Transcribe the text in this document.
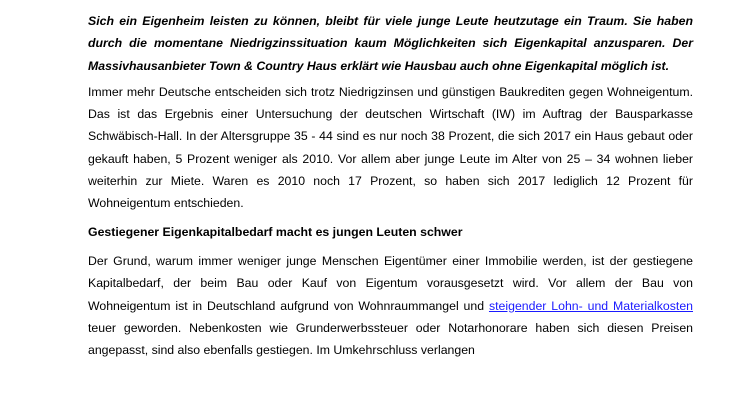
Sich ein Eigenheim leisten zu können, bleibt für viele junge Leute heutzutage ein Traum. Sie haben durch die momentane Niedrigzinssituation kaum Möglichkeiten sich Eigenkapital anzusparen. Der Massivhausanbieter Town & Country Haus erklärt wie Hausbau auch ohne Eigenkapital möglich ist.

Immer mehr Deutsche entscheiden sich trotz Niedrigzinsen und günstigen Baukrediten gegen Wohneigentum. Das ist das Ergebnis einer Untersuchung der deutschen Wirtschaft (IW) im Auftrag der Bausparkasse Schwäbisch-Hall. In der Altersgruppe 35 - 44 sind es nur noch 38 Prozent, die sich 2017 ein Haus gebaut oder gekauft haben, 5 Prozent weniger als 2010. Vor allem aber junge Leute im Alter von 25 – 34 wohnen lieber weiterhin zur Miete. Waren es 2010 noch 17 Prozent, so haben sich 2017 lediglich 12 Prozent für Wohneigentum entschieden.

Gestiegener Eigenkapitalbedarf macht es jungen Leuten schwer

Der Grund, warum immer weniger junge Menschen Eigentümer einer Immobilie werden, ist der gestiegene Kapitalbedarf, der beim Bau oder Kauf von Eigentum vorausgesetzt wird. Vor allem der Bau von Wohneigentum ist in Deutschland aufgrund von Wohnraummangel und steigender Lohn- und Materialkosten teuer geworden. Nebenkosten wie Grunderwerbssteuer oder Notarhonorare haben sich diesen Preisen angepasst, sind also ebenfalls gestiegen. Im Umkehrschluss verlangen
